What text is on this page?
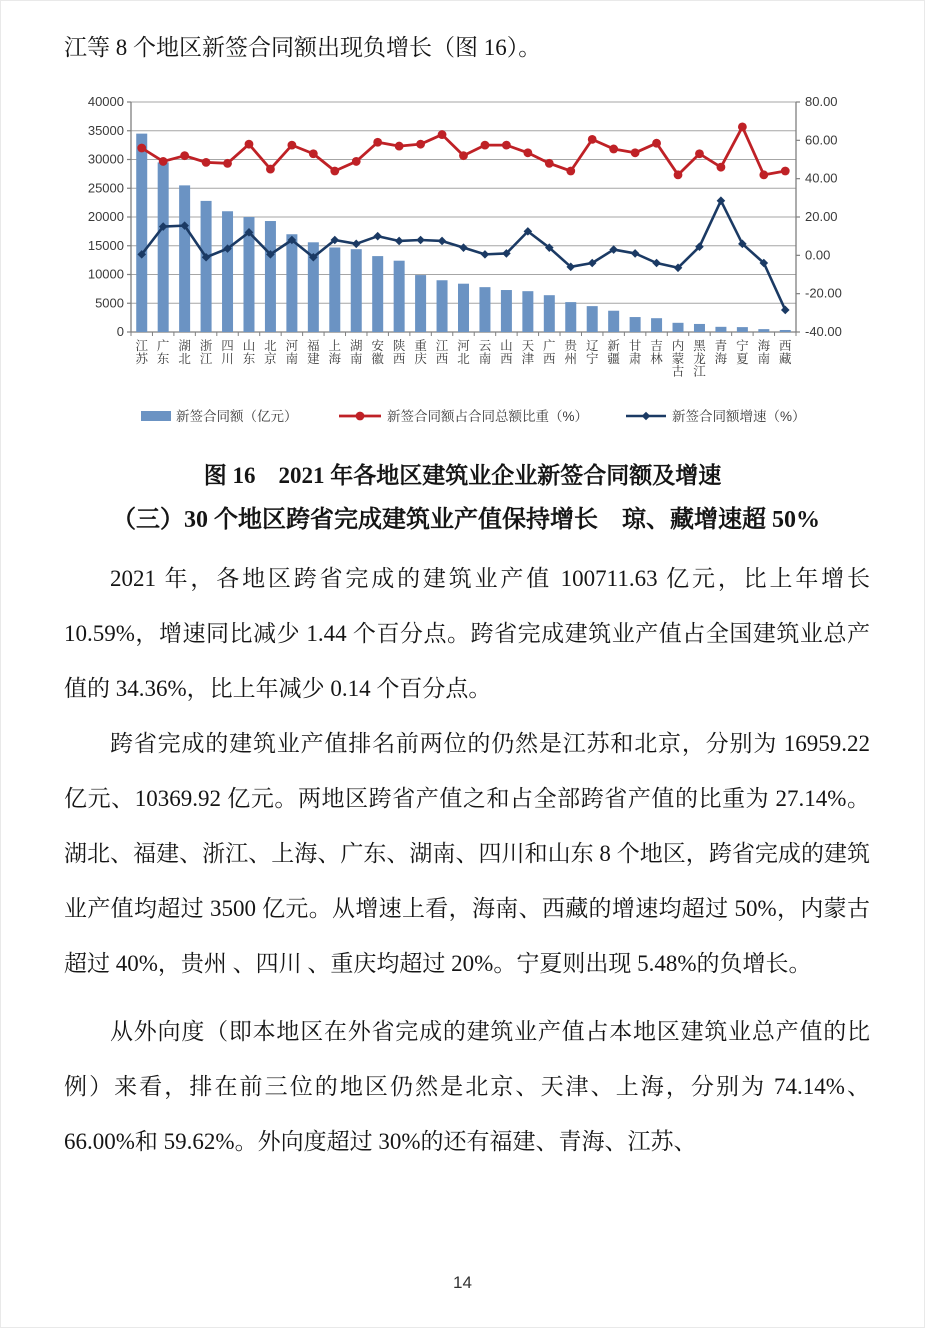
江等 8 个地区新签合同额出现负增长（图 16）。
40000
35000
30000
25000
20000
15000
10000
5000
0
80.00
60.00
40.00
20.00
0.00
-20.00
-40.00
江苏
广东
湖北
浙江
四川
山东
北京
河南
福建
上海
湖南
安徽
陕西
重庆
江西
河北
云南
山西
天津
广西
贵州
辽宁
新疆
甘肃
吉林
内蒙古
黑龙江
青海
宁夏
海南
西藏
新签合同额（亿元）	新签合同额占合同总额比重（%）	新签合同额增速（%）
图 16　2021 年各地区建筑业企业新签合同额及增速
（三）30 个地区跨省完成建筑业产值保持增长　琼、藏增速超 50%

2021 年，各地区跨省完成的建筑业产值 100711.63 亿元，比上年增长 10.59%，增速同比减少 1.44 个百分点。跨省完成建筑业产值占全国建筑业总产值的 34.36%，比上年减少 0.14 个百分点。

跨省完成的建筑业产值排名前两位的仍然是江苏和北京，分别为 16959.22 亿元、10369.92 亿元。两地区跨省产值之和占全部跨省产值的比重为 27.14%。湖北、福建、浙江、上海、广东、湖南、四川和山东 8 个地区，跨省完成的建筑业产值均超过 3500 亿元。从增速上看，海南、西藏的增速均超过 50%，内蒙古超过 40%，贵州 、四川 、重庆均超过 20%。宁夏则出现 5.48%的负增长。

从外向度（即本地区在外省完成的建筑业产值占本地区建筑业总产值的比例）来看，排在前三位的地区仍然是北京、天津、上海，分别为 74.14%、66.00%和 59.62%。外向度超过 30%的还有福建、青海、江苏、

14
